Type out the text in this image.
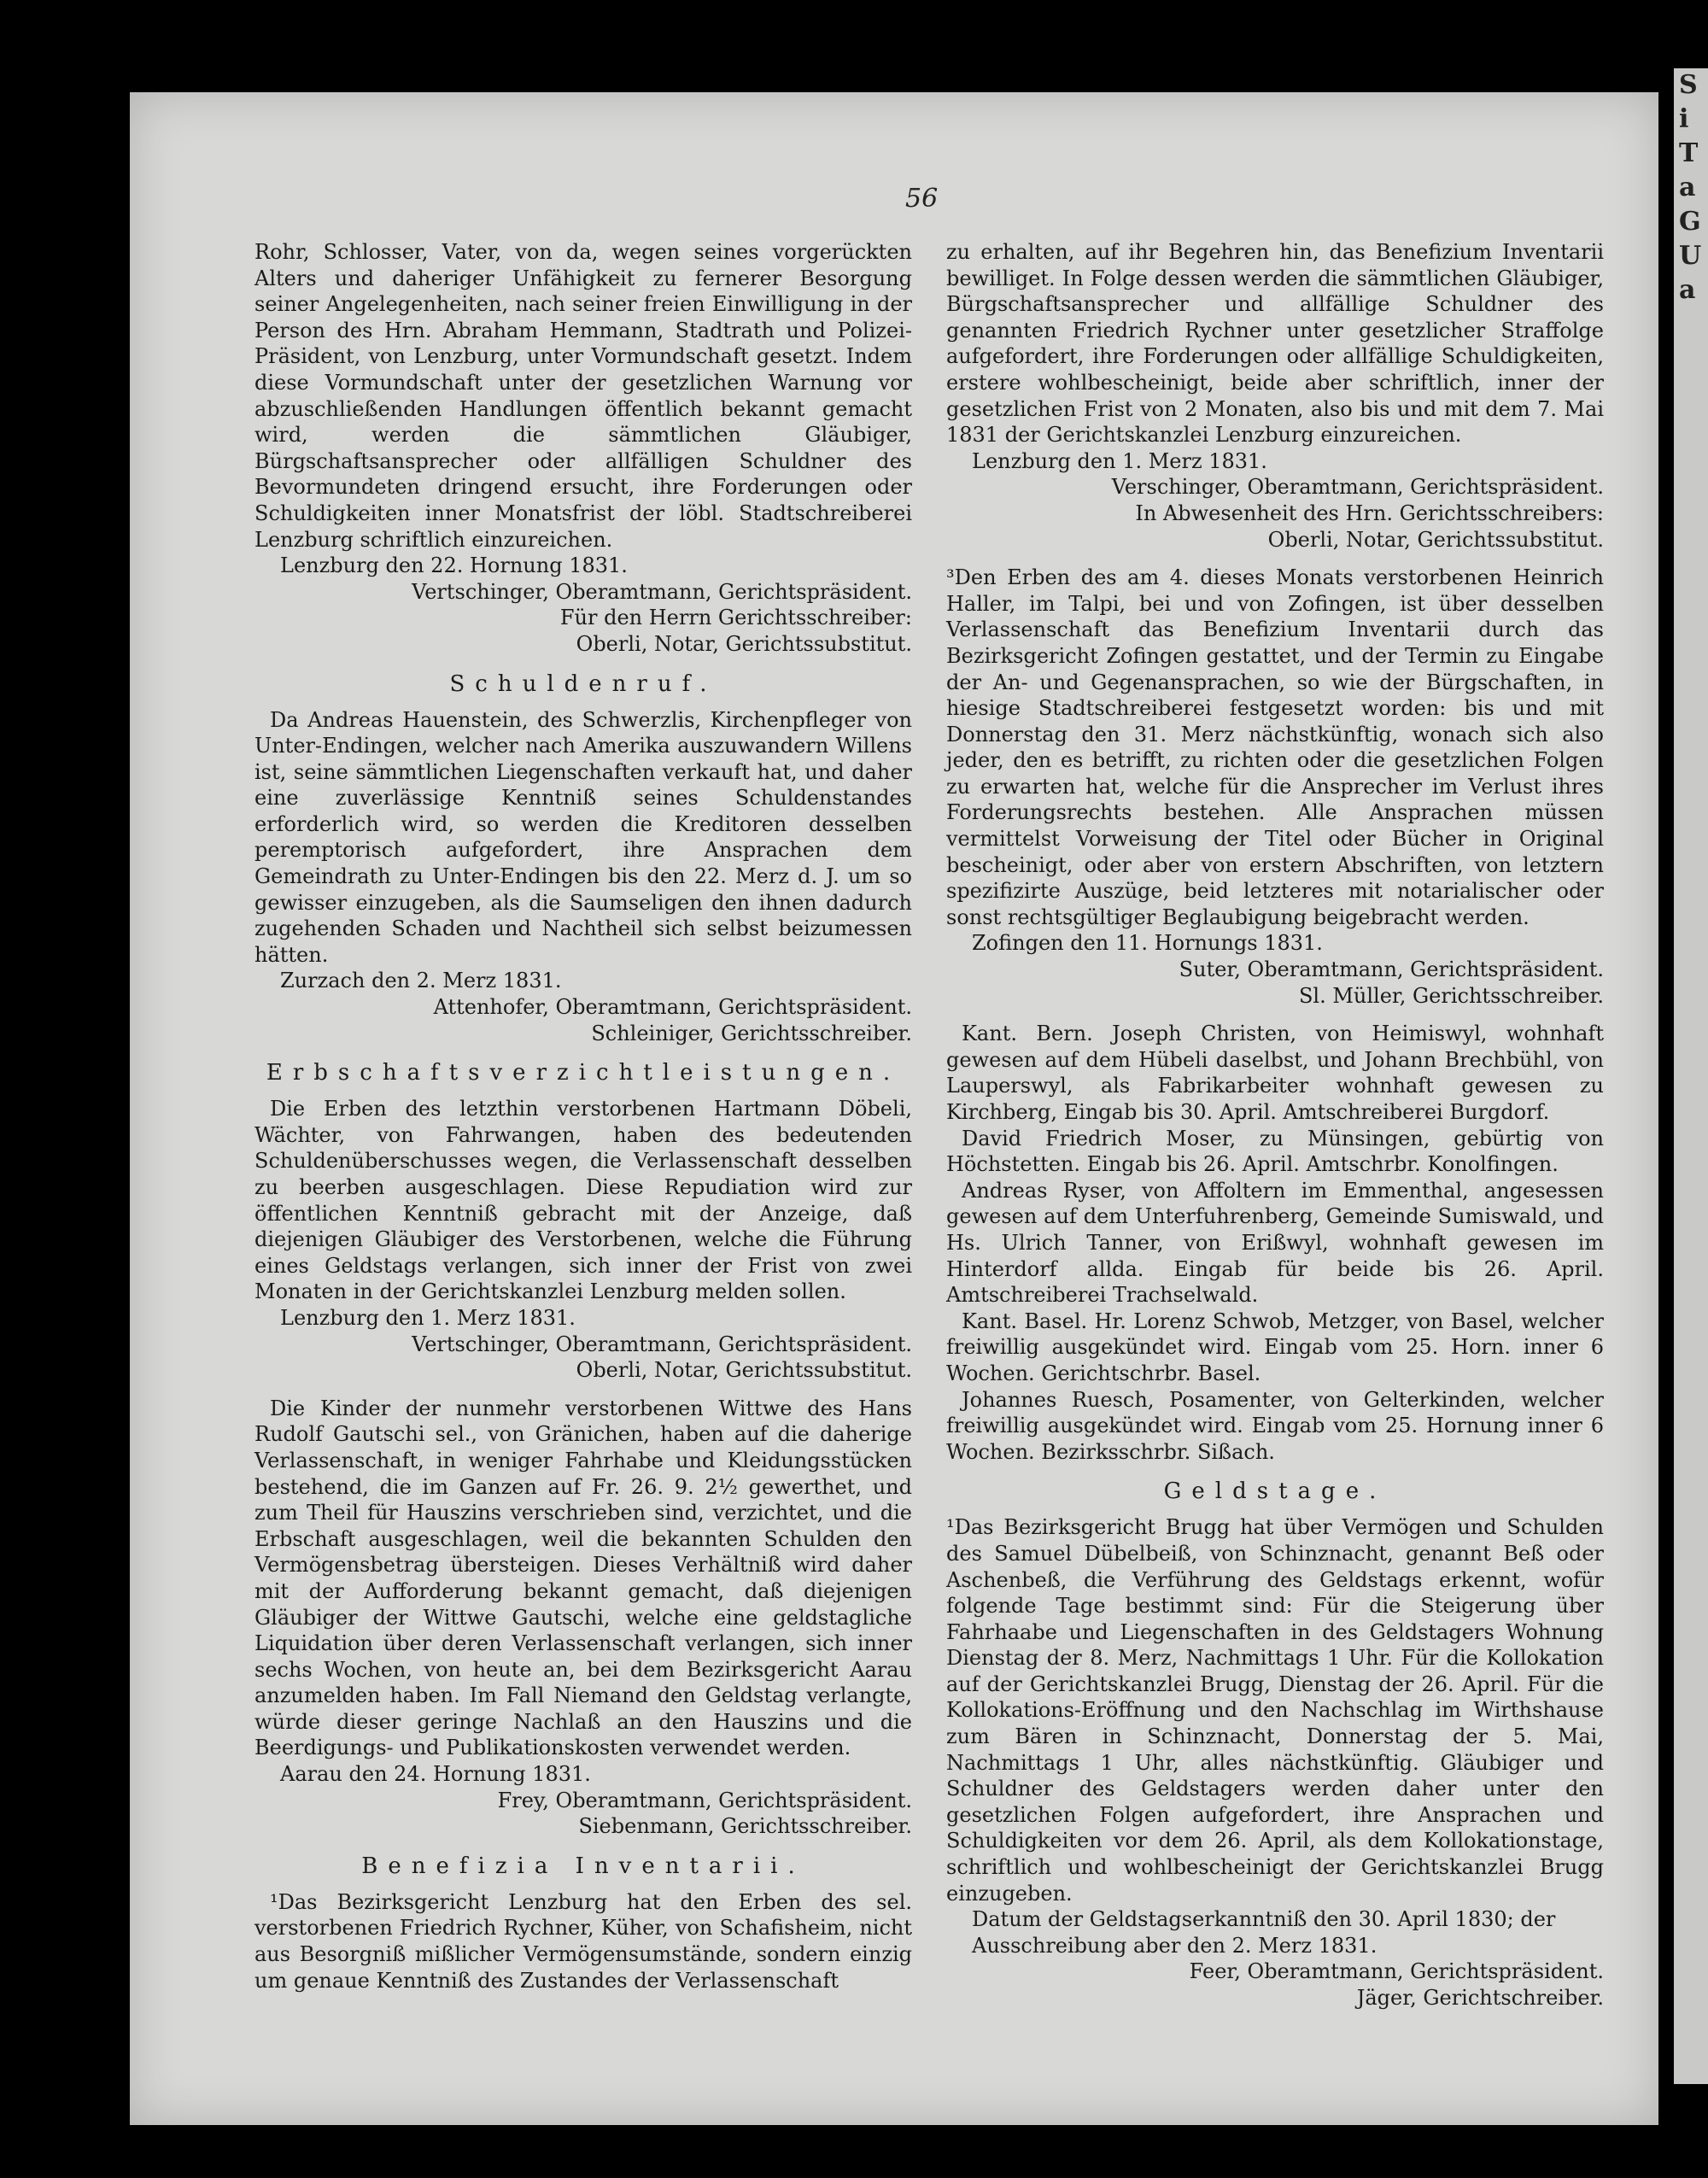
S
i
T
a
G
U
a
56

Rohr, Schlosser, Vater, von da, wegen seines vorgerückten Alters und daheriger Unfähigkeit zu fernerer Besorgung seiner Angelegenheiten, nach seiner freien Einwilligung in der Person des Hrn. Abraham Hemmann, Stadtrath und Polizei-Präsident, von Lenzburg, unter Vormundschaft gesetzt. Indem diese Vormundschaft unter der gesetzlichen Warnung vor abzuschließenden Handlungen öffentlich bekannt gemacht wird, werden die sämmtlichen Gläubiger, Bürgschaftsansprecher oder allfälligen Schuldner des Bevormundeten dringend ersucht, ihre Forderungen oder Schuldigkeiten inner Monatsfrist der löbl. Stadtschreiberei Lenzburg schriftlich einzureichen.

Lenzburg den 22. Hornung 1831.

Vertschinger, Oberamtmann, Gerichtspräsident.

Für den Herrn Gerichtsschreiber:

Oberli, Notar, Gerichtssubstitut.

Schuldenruf.

Da Andreas Hauenstein, des Schwerzlis, Kirchenpfleger von Unter-Endingen, welcher nach Amerika auszuwandern Willens ist, seine sämmtlichen Liegenschaften verkauft hat, und daher eine zuverlässige Kenntniß seines Schuldenstandes erforderlich wird, so werden die Kreditoren desselben peremptorisch aufgefordert, ihre Ansprachen dem Gemeindrath zu Unter-Endingen bis den 22. Merz d. J. um so gewisser einzugeben, als die Saumseligen den ihnen dadurch zugehenden Schaden und Nachtheil sich selbst beizumessen hätten.

Zurzach den 2. Merz 1831.

Attenhofer, Oberamtmann, Gerichtspräsident.

Schleiniger, Gerichtsschreiber.

Erbschaftsverzichtleistungen.

Die Erben des letzthin verstorbenen Hartmann Döbeli, Wächter, von Fahrwangen, haben des bedeutenden Schuldenüberschusses wegen, die Verlassenschaft desselben zu beerben ausgeschlagen. Diese Repudiation wird zur öffentlichen Kenntniß gebracht mit der Anzeige, daß diejenigen Gläubiger des Verstorbenen, welche die Führung eines Geldstags verlangen, sich inner der Frist von zwei Monaten in der Gerichtskanzlei Lenzburg melden sollen.

Lenzburg den 1. Merz 1831.

Vertschinger, Oberamtmann, Gerichtspräsident.

Oberli, Notar, Gerichtssubstitut.

Die Kinder der nunmehr verstorbenen Wittwe des Hans Rudolf Gautschi sel., von Gränichen, haben auf die daherige Verlassenschaft, in weniger Fahrhabe und Kleidungsstücken bestehend, die im Ganzen auf Fr. 26. 9. 2½ gewerthet, und zum Theil für Hauszins verschrieben sind, verzichtet, und die Erbschaft ausgeschlagen, weil die bekannten Schulden den Vermögensbetrag übersteigen. Dieses Verhältniß wird daher mit der Aufforderung bekannt gemacht, daß diejenigen Gläubiger der Wittwe Gautschi, welche eine geldstagliche Liquidation über deren Verlassenschaft verlangen, sich inner sechs Wochen, von heute an, bei dem Bezirksgericht Aarau anzumelden haben. Im Fall Niemand den Geldstag verlangte, würde dieser geringe Nachlaß an den Hauszins und die Beerdigungs- und Publikationskosten verwendet werden.

Aarau den 24. Hornung 1831.

Frey, Oberamtmann, Gerichtspräsident.

Siebenmann, Gerichtsschreiber.

Benefizia Inventarii.

¹Das Bezirksgericht Lenzburg hat den Erben des sel. verstorbenen Friedrich Rychner, Küher, von Schafisheim, nicht aus Besorgniß mißlicher Vermögensumstände, sondern einzig um genaue Kenntniß des Zustandes der Verlassenschaft

zu erhalten, auf ihr Begehren hin, das Benefizium Inventarii bewilliget. In Folge dessen werden die sämmtlichen Gläubiger, Bürgschaftsansprecher und allfällige Schuldner des genannten Friedrich Rychner unter gesetzlicher Straffolge aufgefordert, ihre Forderungen oder allfällige Schuldigkeiten, erstere wohlbescheinigt, beide aber schriftlich, inner der gesetzlichen Frist von 2 Monaten, also bis und mit dem 7. Mai 1831 der Gerichtskanzlei Lenzburg einzureichen.

Lenzburg den 1. Merz 1831.

Verschinger, Oberamtmann, Gerichtspräsident.

In Abwesenheit des Hrn. Gerichtsschreibers:

Oberli, Notar, Gerichtssubstitut.

³Den Erben des am 4. dieses Monats verstorbenen Heinrich Haller, im Talpi, bei und von Zofingen, ist über desselben Verlassenschaft das Benefizium Inventarii durch das Bezirksgericht Zofingen gestattet, und der Termin zu Eingabe der An- und Gegenansprachen, so wie der Bürgschaften, in hiesige Stadtschreiberei festgesetzt worden: bis und mit Donnerstag den 31. Merz nächstkünftig, wonach sich also jeder, den es betrifft, zu richten oder die gesetzlichen Folgen zu erwarten hat, welche für die Ansprecher im Verlust ihres Forderungsrechts bestehen. Alle Ansprachen müssen vermittelst Vorweisung der Titel oder Bücher in Original bescheinigt, oder aber von erstern Abschriften, von letztern spezifizirte Auszüge, beid letzteres mit notarialischer oder sonst rechtsgültiger Beglaubigung beigebracht werden.

Zofingen den 11. Hornungs 1831.

Suter, Oberamtmann, Gerichtspräsident.

Sl. Müller, Gerichtsschreiber.

Kant. Bern. Joseph Christen, von Heimiswyl, wohnhaft gewesen auf dem Hübeli daselbst, und Johann Brechbühl, von Lauperswyl, als Fabrikarbeiter wohnhaft gewesen zu Kirchberg, Eingab bis 30. April. Amtschreiberei Burgdorf.

David Friedrich Moser, zu Münsingen, gebürtig von Höchstetten. Eingab bis 26. April. Amtschrbr. Konolfingen.

Andreas Ryser, von Affoltern im Emmenthal, angesessen gewesen auf dem Unterfuhrenberg, Gemeinde Sumiswald, und Hs. Ulrich Tanner, von Erißwyl, wohnhaft gewesen im Hinterdorf allda. Eingab für beide bis 26. April. Amtschreiberei Trachselwald.

Kant. Basel. Hr. Lorenz Schwob, Metzger, von Basel, welcher freiwillig ausgekündet wird. Eingab vom 25. Horn. inner 6 Wochen. Gerichtschrbr. Basel.

Johannes Ruesch, Posamenter, von Gelterkinden, welcher freiwillig ausgekündet wird. Eingab vom 25. Hornung inner 6 Wochen. Bezirksschrbr. Sißach.

Geldstage.

¹Das Bezirksgericht Brugg hat über Vermögen und Schulden des Samuel Dübelbeiß, von Schinznacht, genannt Beß oder Aschenbeß, die Verführung des Geldstags erkennt, wofür folgende Tage bestimmt sind: Für die Steigerung über Fahrhaabe und Liegenschaften in des Geldstagers Wohnung Dienstag der 8. Merz, Nachmittags 1 Uhr. Für die Kollokation auf der Gerichtskanzlei Brugg, Dienstag der 26. April. Für die Kollokations-Eröffnung und den Nachschlag im Wirthshause zum Bären in Schinznacht, Donnerstag der 5. Mai, Nachmittags 1 Uhr, alles nächstkünftig. Gläubiger und Schuldner des Geldstagers werden daher unter den gesetzlichen Folgen aufgefordert, ihre Ansprachen und Schuldigkeiten vor dem 26. April, als dem Kollokationstage, schriftlich und wohlbescheinigt der Gerichtskanzlei Brugg einzugeben.

Datum der Geldstagserkanntniß den 30. April 1830; der

Ausschreibung aber den 2. Merz 1831.

Feer, Oberamtmann, Gerichtspräsident.

Jäger, Gerichtschreiber.
